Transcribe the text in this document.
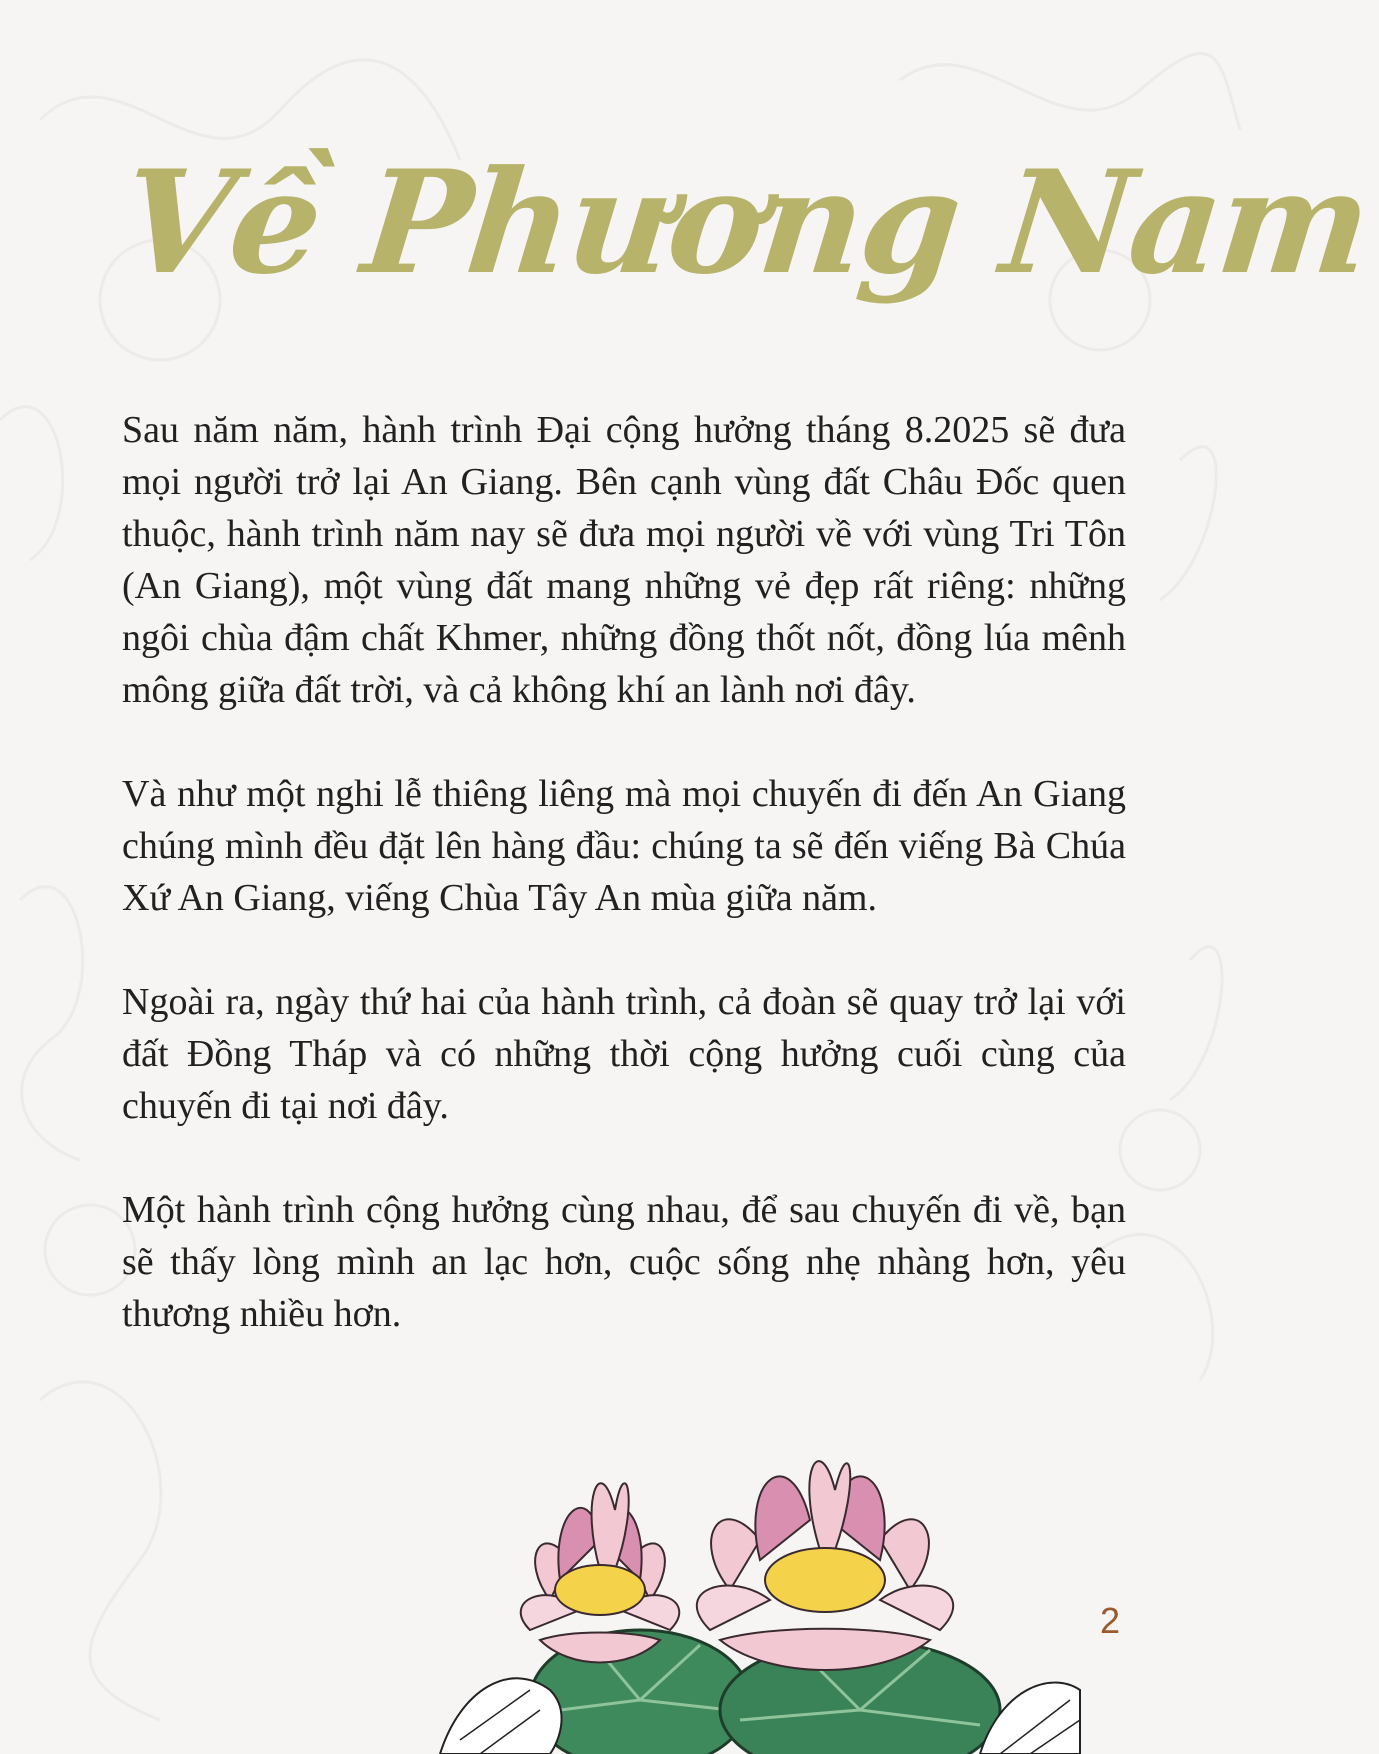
Về Phương Nam

Sau năm năm, hành trình Đại cộng hưởng tháng 8.2025 sẽ đưa mọi người trở lại An Giang. Bên cạnh vùng đất Châu Đốc quen thuộc, hành trình năm nay sẽ đưa mọi người về với vùng Tri Tôn (An Giang), một vùng đất mang những vẻ đẹp rất riêng: những ngôi chùa đậm chất Khmer, những đồng thốt nốt, đồng lúa mênh mông giữa đất trời, và cả không khí an lành nơi đây.

Và như một nghi lễ thiêng liêng mà mọi chuyến đi đến An Giang chúng mình đều đặt lên hàng đầu: chúng ta sẽ đến viếng Bà Chúa Xứ An Giang, viếng Chùa Tây An mùa giữa năm.

Ngoài ra, ngày thứ hai của hành trình, cả đoàn sẽ quay trở lại với đất Đồng Tháp và có những thời cộng hưởng cuối cùng của chuyến đi tại nơi đây.

Một hành trình cộng hưởng cùng nhau, để sau chuyến đi về, bạn sẽ thấy lòng mình an lạc hơn, cuộc sống nhẹ nhàng hơn, yêu thương nhiều hơn.

2
